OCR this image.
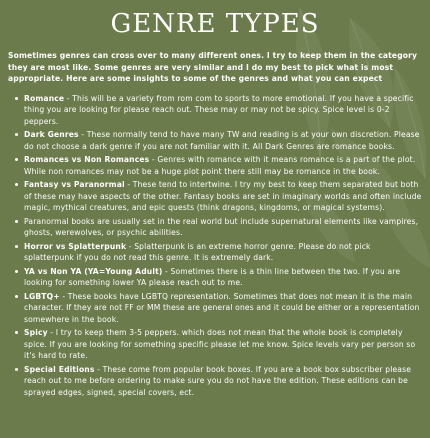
GENRE TYPES

Sometimes genres can cross over to many different ones. I try to keep them in the category they are most like. Some genres are very similar and I do my best to pick what is most appropriate. Here are some insights to some of the genres and what you can expect

Romance - This will be a variety from rom com to sports to more emotional. If you have a specific thing you are looking for please reach out. These may or may not be spicy. Spice level is 0-2 peppers.
Dark Genres - These normally tend to have many TW and reading is at your own discretion. Please do not choose a dark genre if you are not familiar with it. All Dark Genres are romance books.
Romances vs Non Romances - Genres with romance with it means romance is a part of the plot. While non romances may not be a huge plot point there still may be romance in the book.
Fantasy vs Paranormal - These tend to intertwine. I try my best to keep them separated but both of these may have aspects of the other. Fantasy books are set in imaginary worlds and often include magic, mythical creatures, and epic quests (think dragons, kingdoms, or magical systems).
Paranormal books are usually set in the real world but include supernatural elements like vampires, ghosts, werewolves, or psychic abilities.
Horror vs Splatterpunk - Splatterpunk is an extreme horror genre. Please do not pick splatterpunk if you do not read this genre. It is extremely dark.
YA vs Non YA (YA=Young Adult) - Sometimes there is a thin line between the two. If you are looking for something lower YA please reach out to me.
LGBTQ+ - These books have LGBTQ representation. Sometimes that does not mean it is the main character. If they are not FF or MM these are general ones and it could be either or a representation somewhere in the book.
Spicy - I try to keep them 3-5 peppers. which does not mean that the whole book is completely spice. If you are looking for something specific please let me know. Spice levels vary per person so it's hard to rate.
Special Editions - These come from popular book boxes. If you are a book box subscriber please reach out to me before ordering to make sure you do not have the edition. These editions can be sprayed edges, signed, special covers, ect.
